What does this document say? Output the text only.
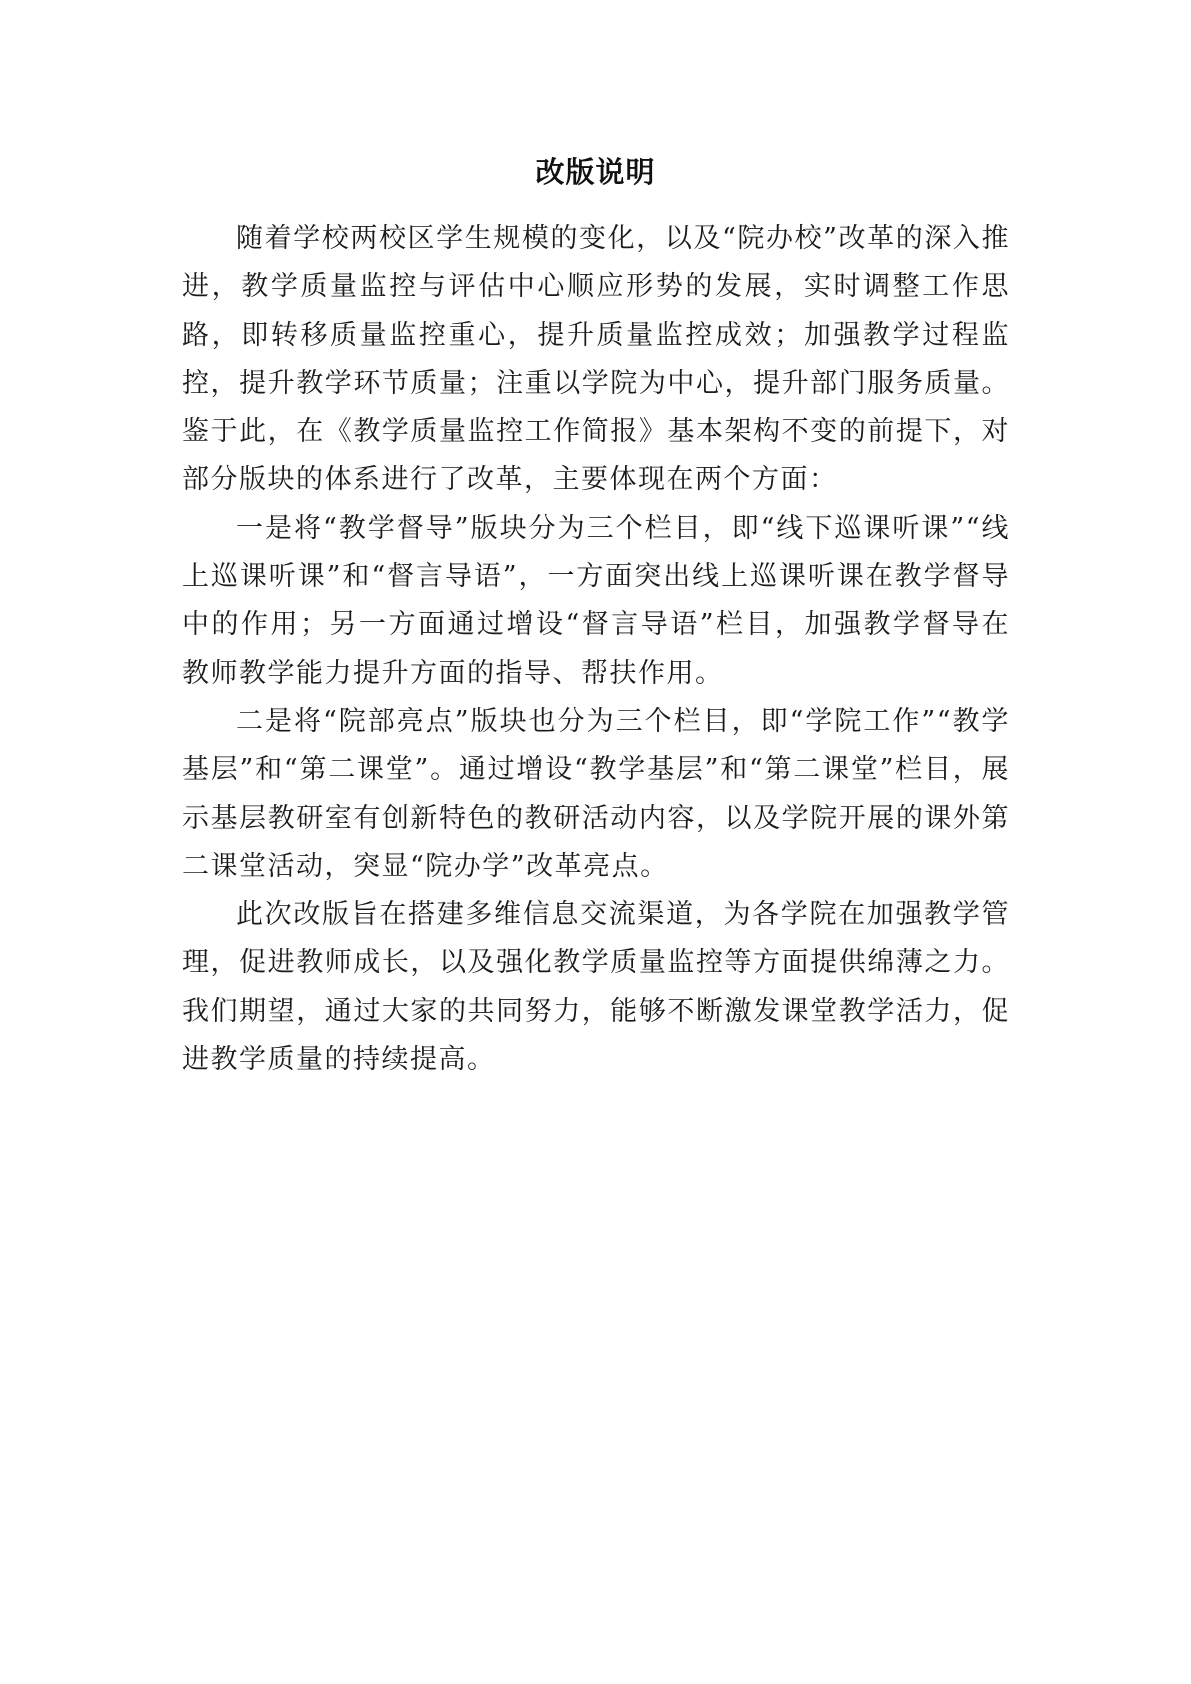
改版说明

随着学校两校区学生规模的变化，以及“院办校”改革的深入推进，教学质量监控与评估中心顺应形势的发展，实时调整工作思路，即转移质量监控重心，提升质量监控成效；加强教学过程监控，提升教学环节质量；注重以学院为中心，提升部门服务质量。鉴于此，在《教学质量监控工作简报》基本架构不变的前提下，对部分版块的体系进行了改革，主要体现在两个方面：

一是将“教学督导”版块分为三个栏目，即“线下巡课听课”“线上巡课听课”和“督言导语”，一方面突出线上巡课听课在教学督导中的作用；另一方面通过增设“督言导语”栏目，加强教学督导在教师教学能力提升方面的指导、帮扶作用。

二是将“院部亮点”版块也分为三个栏目，即“学院工作”“教学基层”和“第二课堂”。通过增设“教学基层”和“第二课堂”栏目，展示基层教研室有创新特色的教研活动内容，以及学院开展的课外第二课堂活动，突显“院办学”改革亮点。

此次改版旨在搭建多维信息交流渠道，为各学院在加强教学管理，促进教师成长，以及强化教学质量监控等方面提供绵薄之力。我们期望，通过大家的共同努力，能够不断激发课堂教学活力，促进教学质量的持续提高。
